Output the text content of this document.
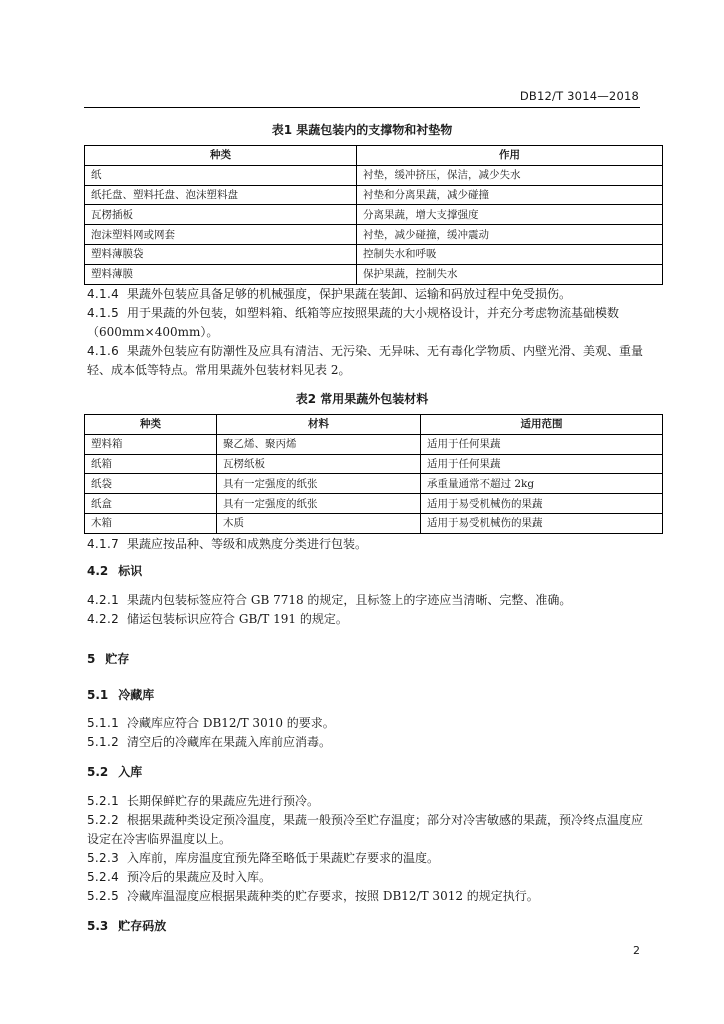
DB12/T 3014—2018
表1 果蔬包装内的支撑物和衬垫物
种类	作用
纸	衬垫，缓冲挤压，保洁，减少失水
纸托盘、塑料托盘、泡沫塑料盘	衬垫和分离果蔬，减少碰撞
瓦楞插板	分离果蔬，增大支撑强度
泡沫塑料网或网套	衬垫，减少碰撞，缓冲震动
塑料薄膜袋	控制失水和呼吸
塑料薄膜	保护果蔬，控制失水
4.1.4 果蔬外包装应具备足够的机械强度，保护果蔬在装卸、运输和码放过程中免受损伤。
4.1.5 用于果蔬的外包装，如塑料箱、纸箱等应按照果蔬的大小规格设计，并充分考虑物流基础模数（600mm×400mm）。
4.1.6 果蔬外包装应有防潮性及应具有清洁、无污染、无异味、无有毒化学物质、内壁光滑、美观、重量轻、成本低等特点。常用果蔬外包装材料见表 2。
表2 常用果蔬外包装材料
种类	材料	适用范围
塑料箱	聚乙烯、聚丙烯	适用于任何果蔬
纸箱	瓦楞纸板	适用于任何果蔬
纸袋	具有一定强度的纸张	承重量通常不超过 2kg
纸盒	具有一定强度的纸张	适用于易受机械伤的果蔬
木箱	木质	适用于易受机械伤的果蔬
4.1.7 果蔬应按品种、等级和成熟度分类进行包装。
4.2 标识
4.2.1 果蔬内包装标签应符合 GB 7718 的规定，且标签上的字迹应当清晰、完整、准确。
4.2.2 储运包装标识应符合 GB/T 191 的规定。
5 贮存
5.1 冷藏库
5.1.1 冷藏库应符合 DB12/T 3010 的要求。
5.1.2 清空后的冷藏库在果蔬入库前应消毒。
5.2 入库
5.2.1 长期保鲜贮存的果蔬应先进行预冷。
5.2.2 根据果蔬种类设定预冷温度，果蔬一般预冷至贮存温度；部分对冷害敏感的果蔬，预冷终点温度应设定在冷害临界温度以上。
5.2.3 入库前，库房温度宜预先降至略低于果蔬贮存要求的温度。
5.2.4 预冷后的果蔬应及时入库。
5.2.5 冷藏库温湿度应根据果蔬种类的贮存要求，按照 DB12/T 3012 的规定执行。
5.3 贮存码放
2
